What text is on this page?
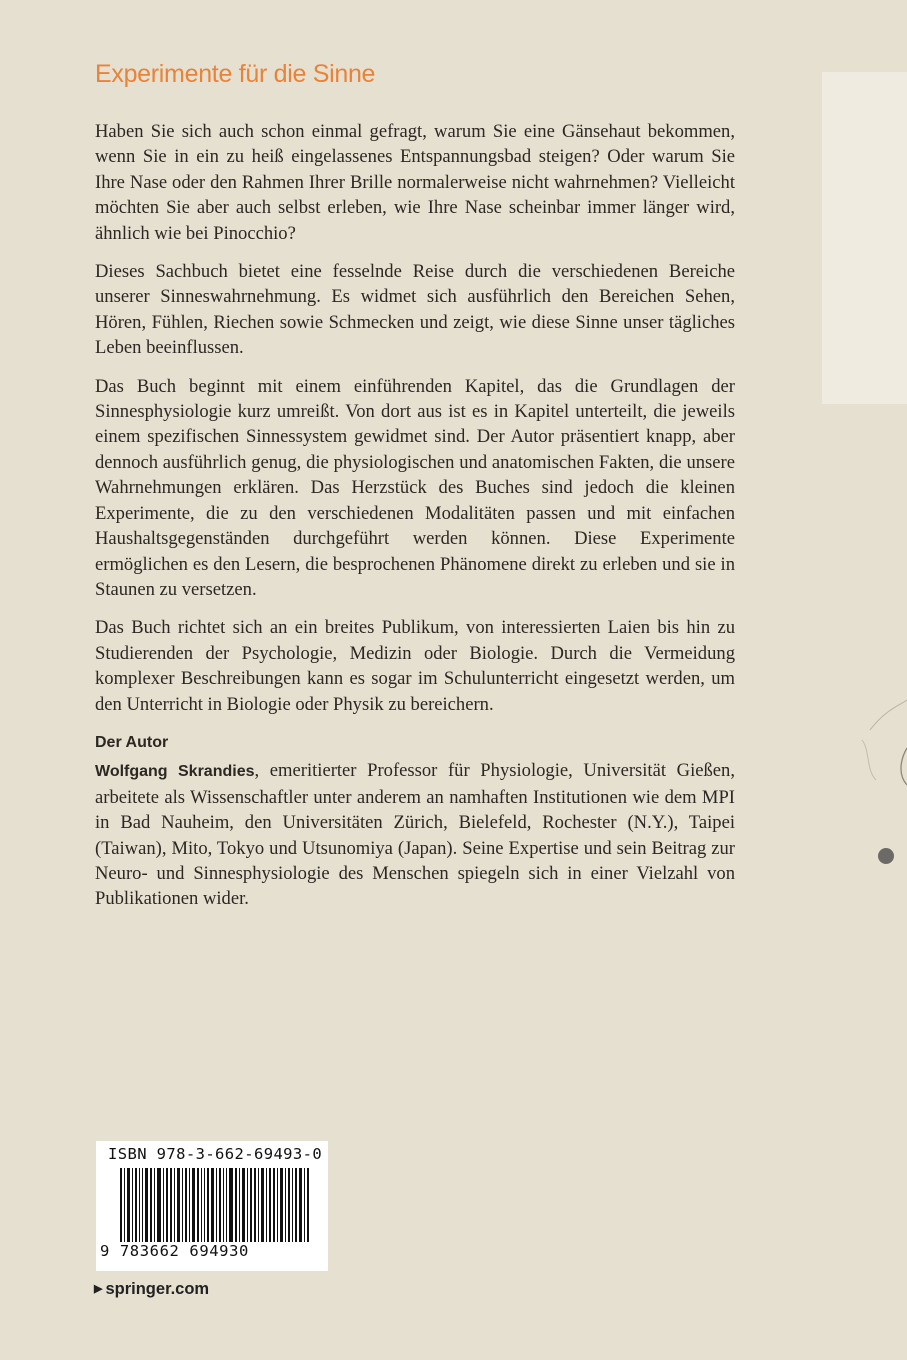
Experimente für die Sinne

Haben Sie sich auch schon einmal gefragt, warum Sie eine Gänsehaut bekommen, wenn Sie in ein zu heiß eingelassenes Entspannungsbad steigen? Oder warum Sie Ihre Nase oder den Rahmen Ihrer Brille normalerweise nicht wahrnehmen? Vielleicht möchten Sie aber auch selbst erleben, wie Ihre Nase scheinbar immer länger wird, ähnlich wie bei Pinocchio?

Dieses Sachbuch bietet eine fesselnde Reise durch die verschiedenen Bereiche unserer Sinneswahrnehmung. Es widmet sich ausführlich den Bereichen Sehen, Hören, Fühlen, Riechen sowie Schmecken und zeigt, wie diese Sinne unser tägliches Leben beeinflussen.

Das Buch beginnt mit einem einführenden Kapitel, das die Grundlagen der Sinnesphysiologie kurz umreißt. Von dort aus ist es in Kapitel unterteilt, die jeweils einem spezifischen Sinnessystem gewidmet sind. Der Autor präsentiert knapp, aber dennoch ausführlich genug, die physiologischen und anatomischen Fakten, die unsere Wahrnehmungen erklären. Das Herzstück des Buches sind jedoch die kleinen Experimente, die zu den verschiedenen Modalitäten passen und mit einfachen Haushaltsgegenständen durchgeführt werden können. Diese Experimente ermöglichen es den Lesern, die besprochenen Phänomene direkt zu erleben und sie in Staunen zu versetzen.

Das Buch richtet sich an ein breites Publikum, von interessierten Laien bis hin zu Studierenden der Psychologie, Medizin oder Biologie. Durch die Vermeidung komplexer Beschreibungen kann es sogar im Schulunterricht eingesetzt werden, um den Unterricht in Biologie oder Physik zu bereichern.

Der Autor

Wolfgang Skrandies, emeritierter Professor für Physiologie, Universität Gießen, arbeitete als Wissenschaftler unter anderem an namhaften Institutionen wie dem MPI in Bad Nauheim, den Universitäten Zürich, Bielefeld, Rochester (N.Y.), Taipei (Taiwan), Mito, Tokyo und Utsunomiya (Japan). Seine Expertise und sein Beitrag zur Neuro- und Sinnesphysiologie des Menschen spiegeln sich in einer Vielzahl von Publikationen wider.

ISBN 978-3-662-69493-0
9 783662 694930
▶ springer.com
